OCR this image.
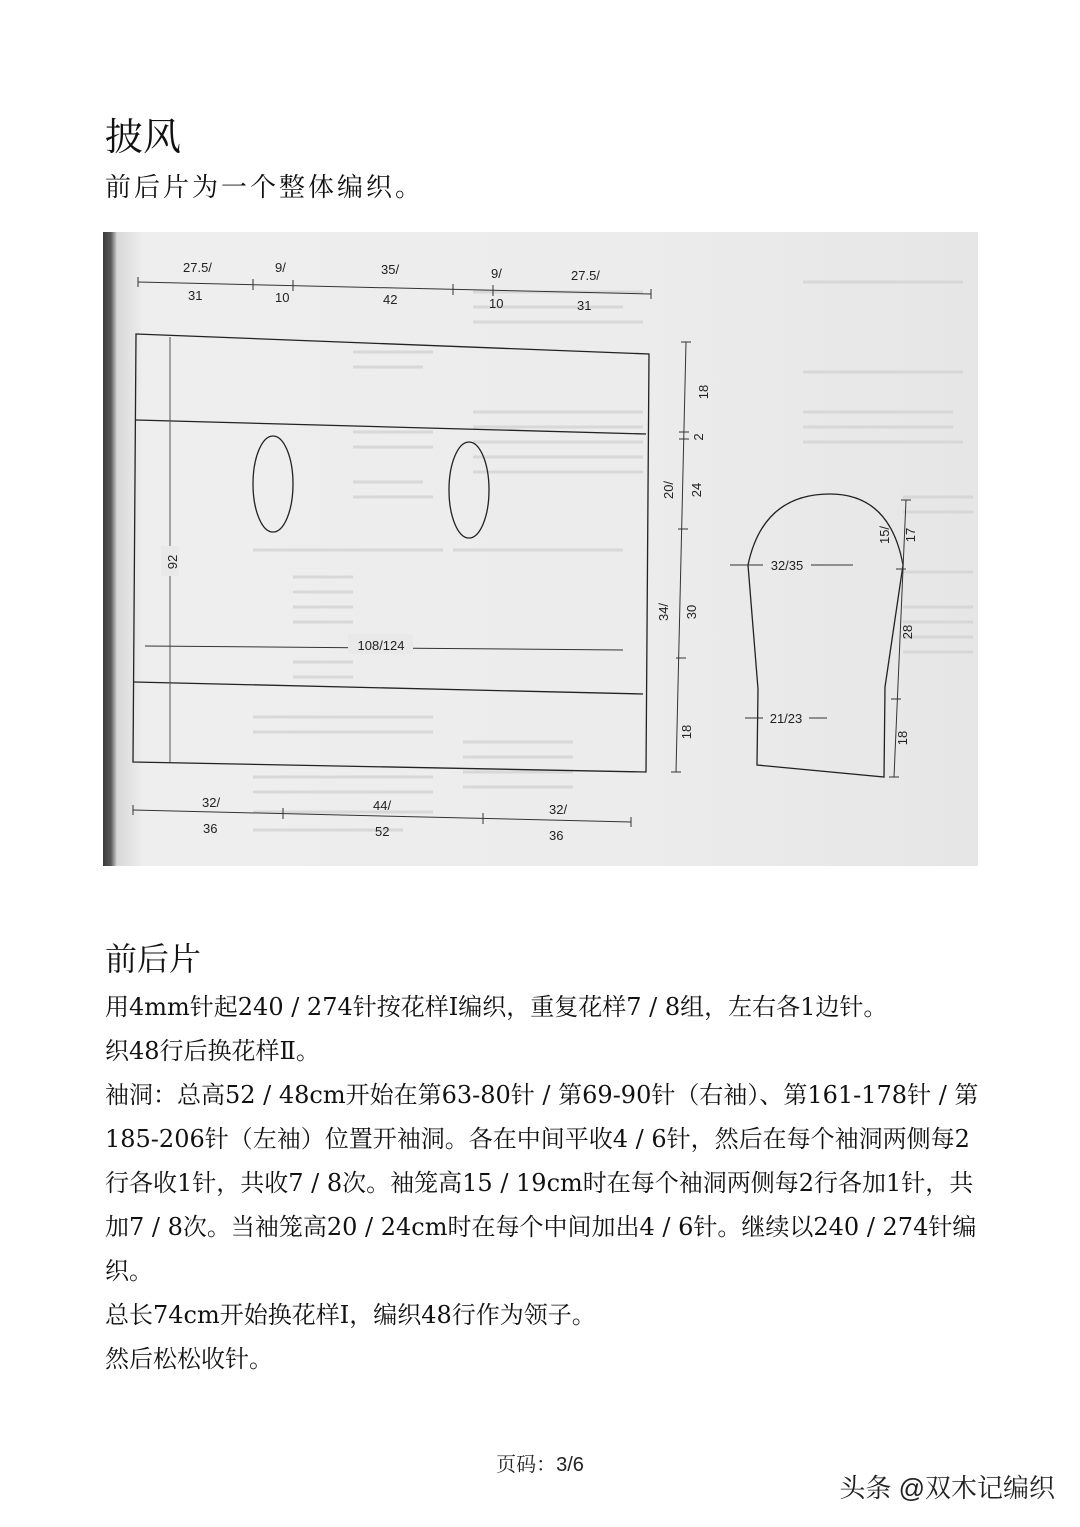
披风
前后片为一个整体编织。
27.5/
31
9/
10
35/
42
9/
10
27.5/
31
92
108/124
18
2
20/ 24
34/ 30
18
32/35
21/23
15/ 17
28
18
32/
36
44/
52
32/
36
前后片

用4mm针起240 / 274针按花样Ⅰ编织，重复花样7 / 8组，左右各1边针。

织48行后换花样Ⅱ。

袖洞：总高52 / 48cm开始在第63-80针 / 第69-90针（右袖）、第161-178针 / 第185-206针（左袖）位置开袖洞。各在中间平收4 / 6针，然后在每个袖洞两侧每2行各收1针，共收7 / 8次。袖笼高15 / 19cm时在每个袖洞两侧每2行各加1针，共加7 / 8次。当袖笼高20 / 24cm时在每个中间加出4 / 6针。继续以240 / 274针编织。

总长74cm开始换花样Ⅰ，编织48行作为领子。

然后松松收针。

页码：3/6
头条 @双木记编织
